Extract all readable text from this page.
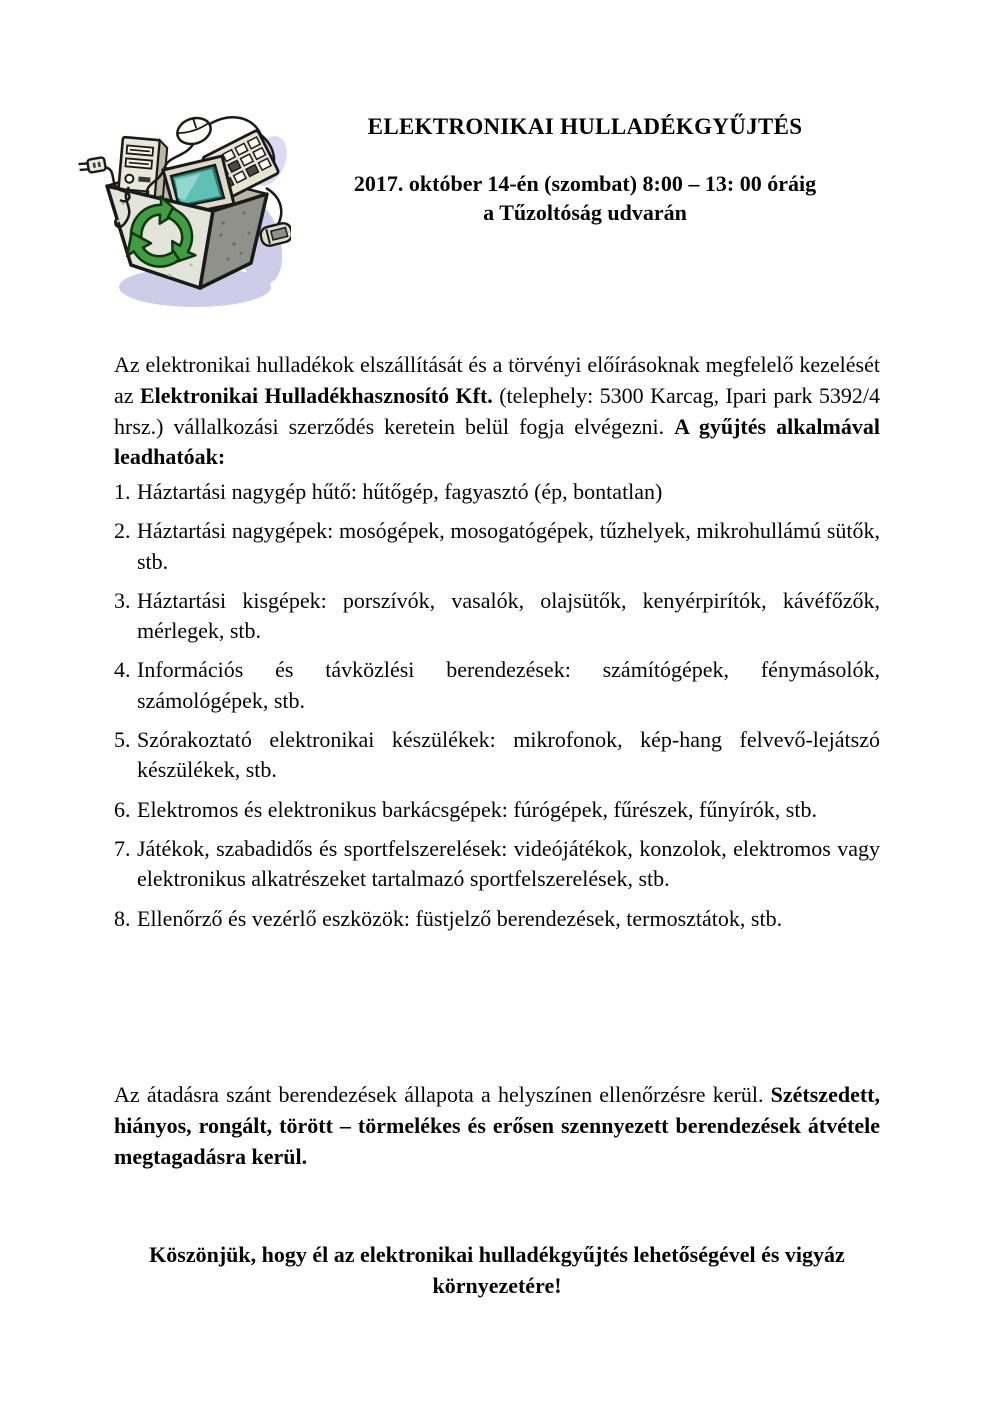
ELEKTRONIKAI HULLADÉKGYŰJTÉS
2017. október 14-én (szombat) 8:00 – 13: 00 óráig
a Tűzoltóság udvarán

Az elektronikai hulladékok elszállítását és a törvényi előírásoknak megfelelő kezelését az Elektronikai Hulladékhasznosító Kft. (telephely: 5300 Karcag, Ipari park 5392/4 hrsz.) vállalkozási szerződés keretein belül fogja elvégezni. A gyűjtés alkalmával leadhatóak:

1. Háztartási nagygép hűtő: hűtőgép, fagyasztó (ép, bontatlan)
2. Háztartási nagygépek: mosógépek, mosogatógépek, tűzhelyek, mikrohullámú sütők, stb.
3. Háztartási kisgépek: porszívók, vasalók, olajsütők, kenyérpirítók, kávéfőzők, mérlegek, stb.
4. Információs és távközlési berendezések: számítógépek, fénymásolók, számológépek, stb.
5. Szórakoztató elektronikai készülékek: mikrofonok, kép-hang felvevő-lejátszó készülékek, stb.
6. Elektromos és elektronikus barkácsgépek: fúrógépek, fűrészek, fűnyírók, stb.
7. Játékok, szabadidős és sportfelszerelések: videójátékok, konzolok, elektromos vagy elektronikus alkatrészeket tartalmazó sportfelszerelések, stb.
8. Ellenőrző és vezérlő eszközök: füstjelző berendezések, termosztátok, stb.

Az átadásra szánt berendezések állapota a helyszínen ellenőrzésre kerül. Szétszedett, hiányos, rongált, törött – törmelékes és erősen szennyezett berendezések átvétele megtagadásra kerül.

Köszönjük, hogy él az elektronikai hulladékgyűjtés lehetőségével és vigyáz környezetére!
